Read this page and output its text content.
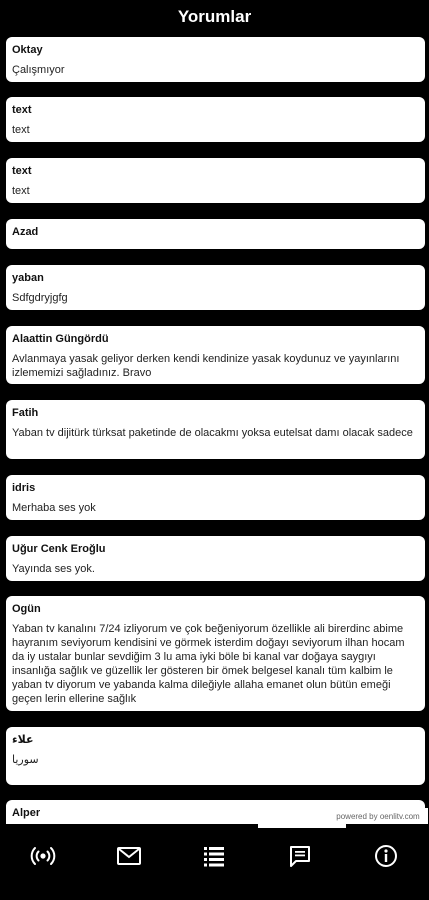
Yorumlar
Oktay
Çalışmıyor
text
text
text
text
Azad
yaban
Sdfgdryjgfg
Alaattin Güngördü
Avlanmaya yasak geliyor derken kendi kendinize yasak koydunuz ve yayınlarını izlememizi sağladınız. Bravo
Fatih
Yaban tv dijitürk türksat paketinde de olacakmı yoksa eutelsat damı olacak sadece
idris
Merhaba ses yok
Uğur Cenk Eroğlu
Yayında ses yok.
Ogün
Yaban tv kanalını 7/24 izliyorum ve çok beğeniyorum özellikle ali birerdinc abime hayranım seviyorum kendisini ve görmek isterdim doğayı seviyorum ilhan hocam da iy ustalar bunlar sevdiğim 3 lu ama iyki böle bi kanal var doğaya saygıyı insanlığa sağlık ve güzellik ler gösteren bir ömek belgesel kanalı tüm kalbim le yaban tv diyorum ve yabanda kalma dileğiyle allaha emanet olun bütün emeği geçen lerin ellerine sağlık
علاء
سوريا
Alper	powered by oenlitv.com
